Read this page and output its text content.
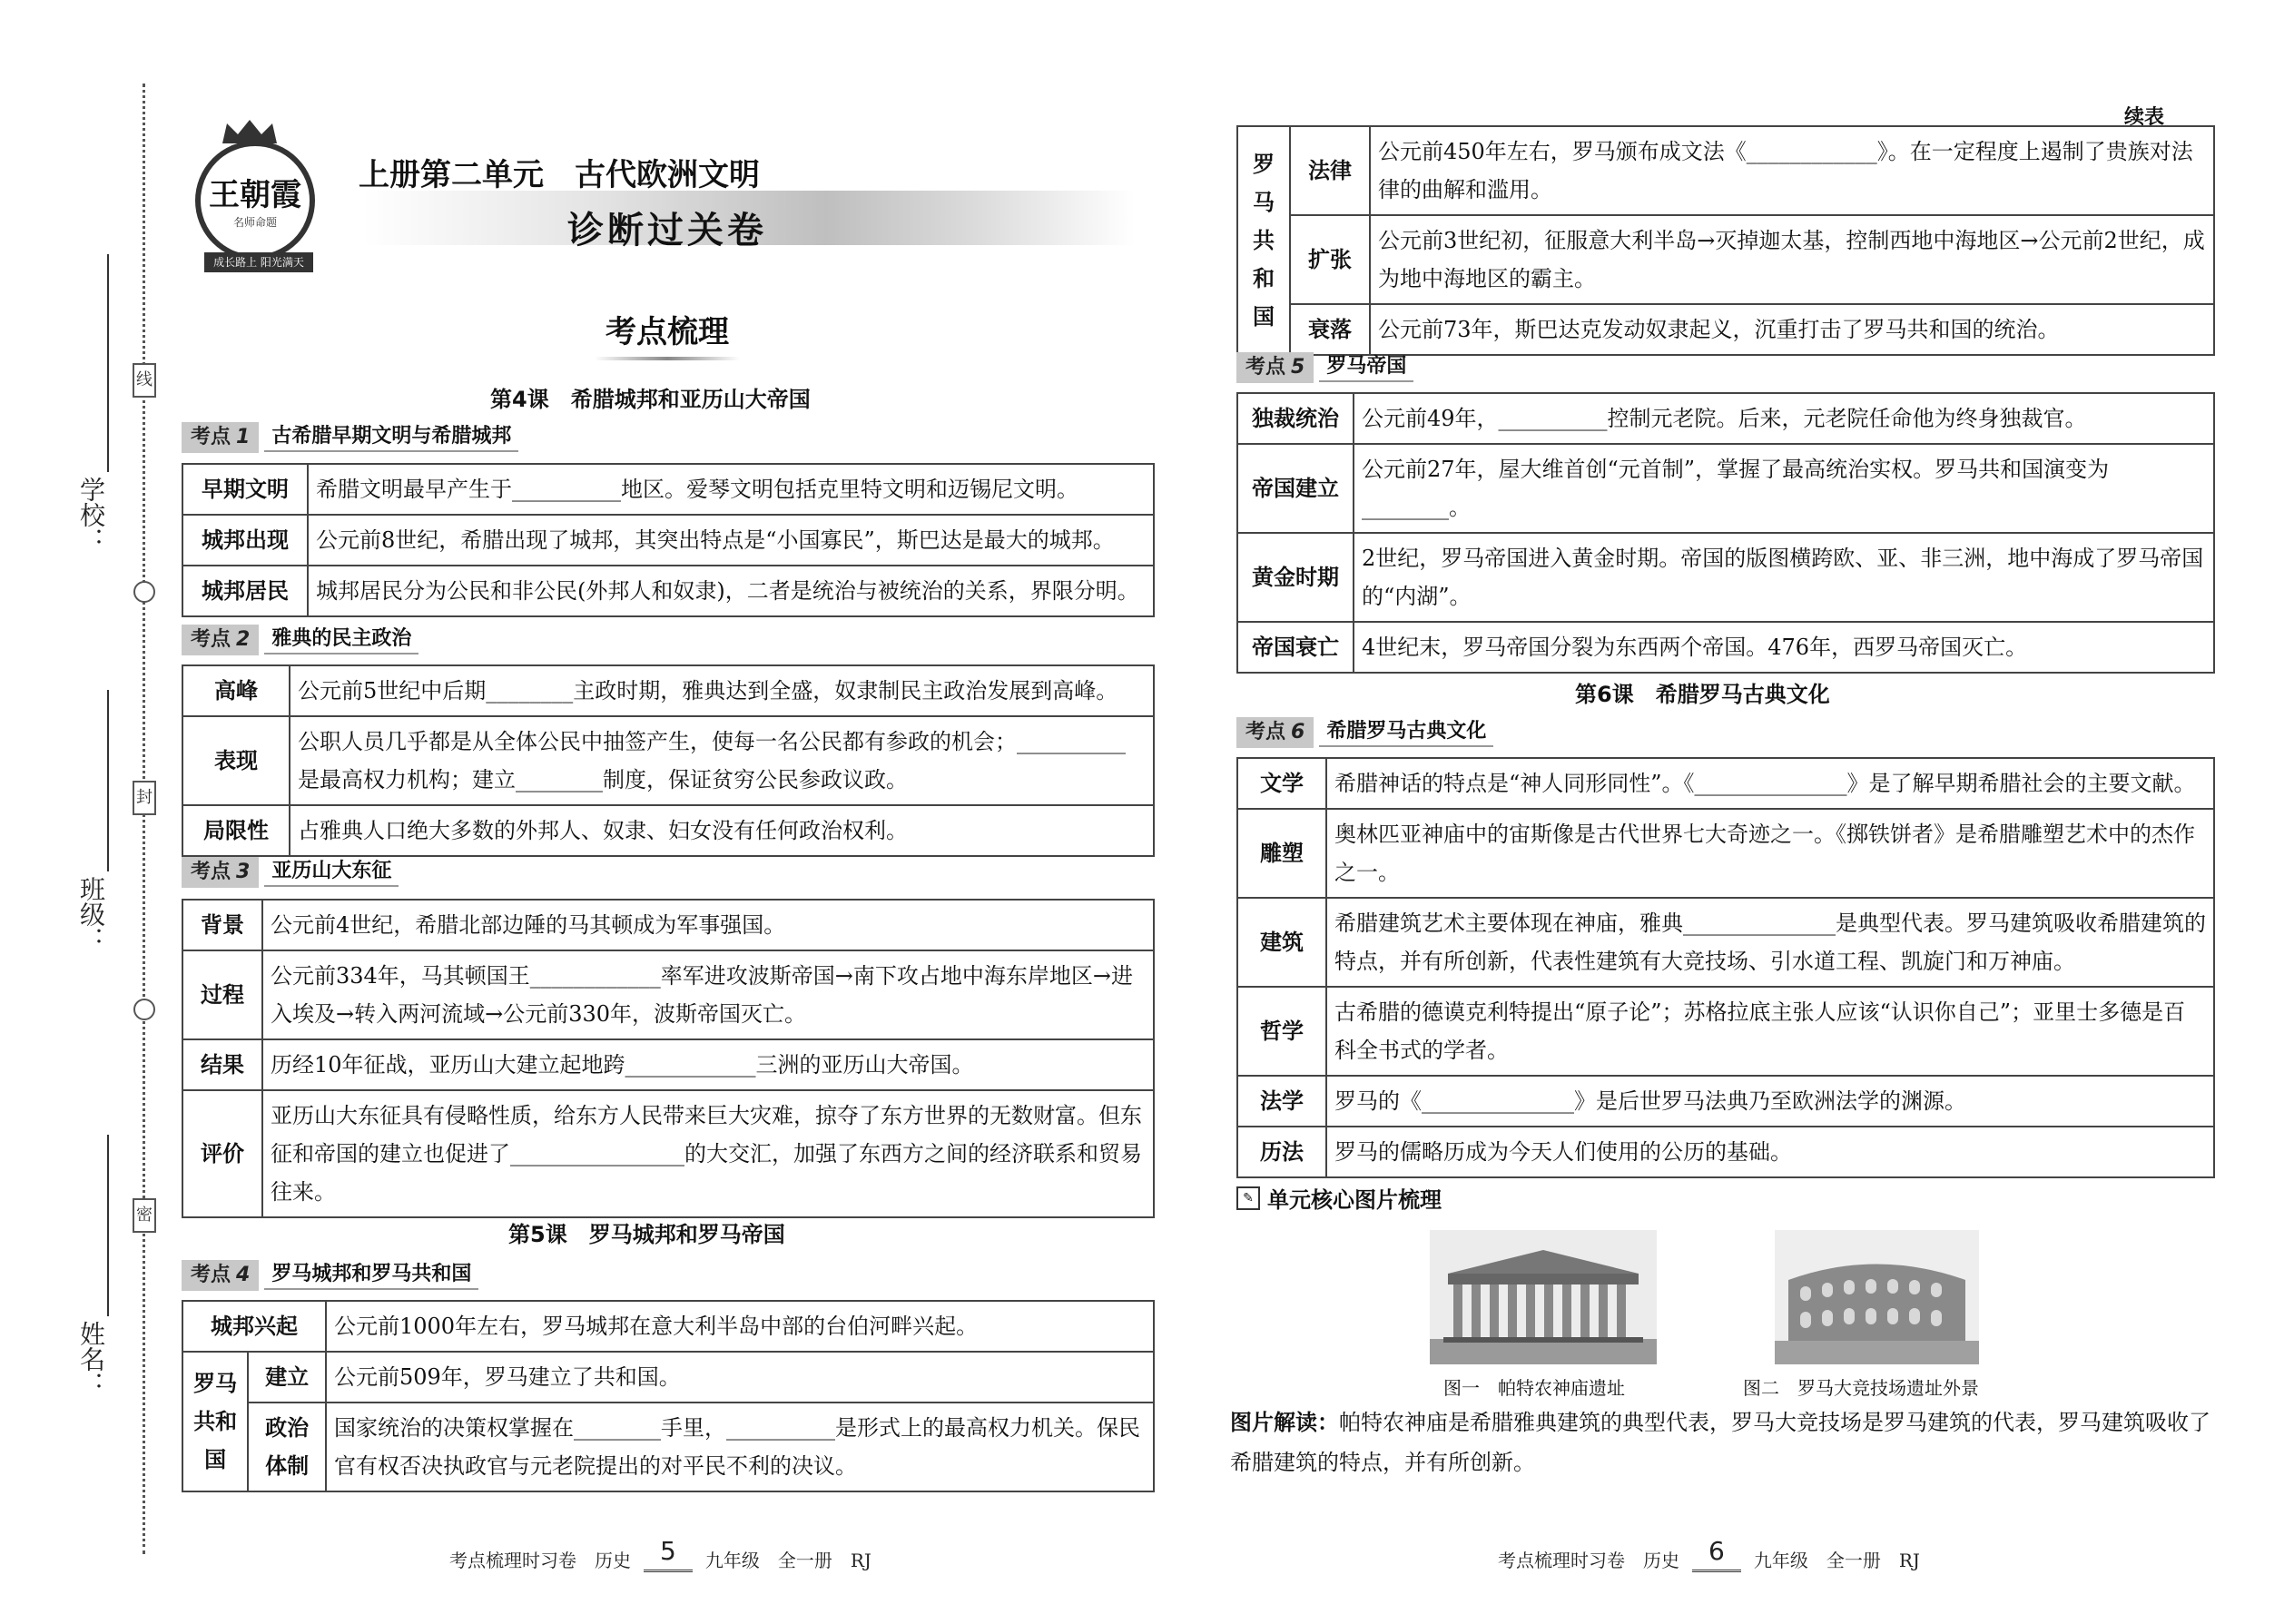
线
封
密
学校：
班级：
姓名：
王朝霞
名师命题
成长路上 阳光满天
上册第二单元　古代欧洲文明
诊断过关卷
考点梳理
第4课　希腊城邦和亚历山大帝国
考点 1	古希腊早期文明与希腊城邦
早期文明	希腊文明最早产生于__________地区。爱琴文明包括克里特文明和迈锡尼文明。
城邦出现	公元前8世纪，希腊出现了城邦，其突出特点是“小国寡民”，斯巴达是最大的城邦。
城邦居民	城邦居民分为公民和非公民(外邦人和奴隶)，二者是统治与被统治的关系，界限分明。
考点 2	雅典的民主政治
高峰	公元前5世纪中后期________主政时期，雅典达到全盛，奴隶制民主政治发展到高峰。
表现	公职人员几乎都是从全体公民中抽签产生，使每一名公民都有参政的机会；__________是最高权力机构；建立________制度，保证贫穷公民参政议政。
局限性	占雅典人口绝大多数的外邦人、奴隶、妇女没有任何政治权利。
考点 3	亚历山大东征
背景	公元前4世纪，希腊北部边陲的马其顿成为军事强国。
过程	公元前334年，马其顿国王____________率军进攻波斯帝国→南下攻占地中海东岸地区→进入埃及→转入两河流域→公元前330年，波斯帝国灭亡。
结果	历经10年征战，亚历山大建立起地跨____________三洲的亚历山大帝国。
评价	亚历山大东征具有侵略性质，给东方人民带来巨大灾难，掠夺了东方世界的无数财富。但东征和帝国的建立也促进了________________的大交汇，加强了东西方之间的经济联系和贸易往来。
第5课　罗马城邦和罗马帝国
考点 4	罗马城邦和罗马共和国
城邦兴起		公元前1000年左右，罗马城邦在意大利半岛中部的台伯河畔兴起。
罗马共和国	建立	公元前509年，罗马建立了共和国。
	政治体制	国家统治的决策权掌握在________手里，__________是形式上的最高权力机关。保民官有权否决执政官与元老院提出的对平民不利的决议。
考点梳理时习卷　历史	5	九年级　全一册　RJ
续表
罗马共和国	法律	公元前450年左右，罗马颁布成文法《____________》。在一定程度上遏制了贵族对法律的曲解和滥用。
	扩张	公元前3世纪初，征服意大利半岛→灭掉迦太基，控制西地中海地区→公元前2世纪，成为地中海地区的霸主。
	衰落	公元前73年，斯巴达克发动奴隶起义，沉重打击了罗马共和国的统治。
考点 5	罗马帝国
独裁统治	公元前49年，__________控制元老院。后来，元老院任命他为终身独裁官。
帝国建立	公元前27年，屋大维首创“元首制”，掌握了最高统治实权。罗马共和国演变为________。
黄金时期	2世纪，罗马帝国进入黄金时期。帝国的版图横跨欧、亚、非三洲，地中海成了罗马帝国的“内湖”。
帝国衰亡	4世纪末，罗马帝国分裂为东西两个帝国。476年，西罗马帝国灭亡。
第6课　希腊罗马古典文化
考点 6	希腊罗马古典文化
文学	希腊神话的特点是“神人同形同性”。《______________》是了解早期希腊社会的主要文献。
雕塑	奥林匹亚神庙中的宙斯像是古代世界七大奇迹之一。《掷铁饼者》是希腊雕塑艺术中的杰作之一。
建筑	希腊建筑艺术主要体现在神庙，雅典______________是典型代表。罗马建筑吸收希腊建筑的特点，并有所创新，代表性建筑有大竞技场、引水道工程、凯旋门和万神庙。
哲学	古希腊的德谟克利特提出“原子论”；苏格拉底主张人应该“认识你自己”；亚里士多德是百科全书式的学者。
法学	罗马的《______________》是后世罗马法典乃至欧洲法学的渊源。
历法	罗马的儒略历成为今天人们使用的公历的基础。
✎ 单元核心图片梳理
图一　帕特农神庙遗址	图二　罗马大竞技场遗址外景
图片解读：帕特农神庙是希腊雅典建筑的典型代表，罗马大竞技场是罗马建筑的代表，罗马建筑吸收了希腊建筑的特点，并有所创新。
考点梳理时习卷　历史	6	九年级　全一册　RJ
